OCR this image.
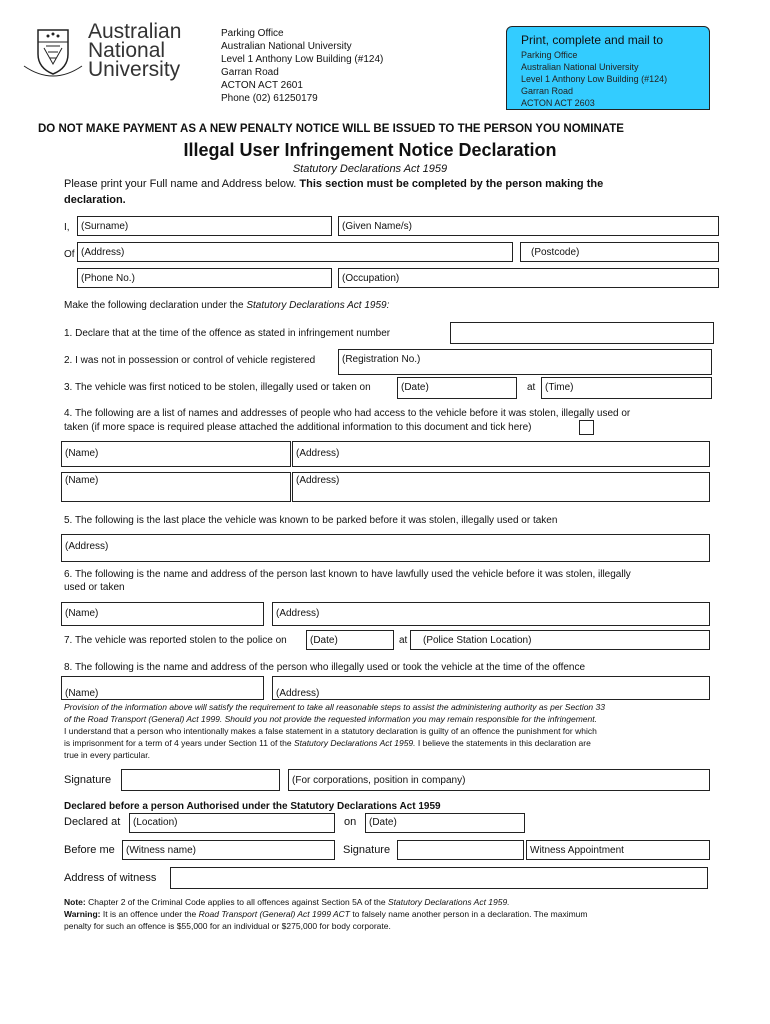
Australian
National
University
Parking Office
Australian National University
Level 1 Anthony Low Building (#124)
Garran Road
ACTON ACT 2601
Phone (02) 61250179
Print, complete and mail to
Parking Office
Australian National University
Level 1 Anthony Low Building (#124)
Garran Road
ACTON ACT 2603
DO NOT MAKE PAYMENT AS A NEW PENALTY NOTICE WILL BE ISSUED TO THE PERSON YOU NOMINATE
Illegal User Infringement Notice Declaration
Statutory Declarations Act 1959
Please print your Full name and Address below. This section must be completed by the person making the declaration.
I,	(Surname)	(Given Name/s)
Of (Address)	(Postcode)
(Phone No.)	(Occupation)
Make the following declaration under the Statutory Declarations Act 1959:
1. Declare that at the time of the offence as stated in infringement number
2. I was not in possession or control of vehicle registered	(Registration No.)
3. The vehicle was first noticed to be stolen, illegally used or taken on	(Date)	at (Time)
4. The following are a list of names and addresses of people who had access to the vehicle before it was stolen, illegally used or
taken (if more space is required please attached the additional information to this document and tick here)
(Name)	(Address)
(Name)	(Address)
5. The following is the last place the vehicle was known to be parked before it was stolen, illegally used or taken
(Address)
6. The following is the name and address of the person last known to have lawfully used the vehicle before it was stolen, illegally
used or taken
(Name)	(Address)
7. The vehicle was reported stolen to the police on	(Date)	at	(Police Station Location)
8. The following is the name and address of the person who illegally used or took the vehicle at the time of the offence
(Name)	(Address)
Provision of the information above will satisfy the requirement to take all reasonable steps to assist the administering authority as per Section 33
of the Road Transport (General) Act 1999. Should you not provide the requested information you may remain responsible for the infringement.
I understand that a person who intentionally makes a false statement in a statutory declaration is guilty of an offence the punishment for which
is imprisonment for a term of 4 years under Section 11 of the Statutory Declarations Act 1959. I believe the statements in this declaration are
true in every particular.
Signature	(For corporations, position in company)
Declared before a person Authorised under the Statutory Declarations Act 1959
Declared at	(Location)	on	(Date)
Before me	(Witness name)	Signature	Witness Appointment
Address of witness
Note: Chapter 2 of the Criminal Code applies to all offences against Section 5A of the Statutory Declarations Act 1959.
Warning: It is an offence under the Road Transport (General) Act 1999 ACT to falsely name another person in a declaration. The maximum
penalty for such an offence is $55,000 for an individual or $275,000 for body corporate.
